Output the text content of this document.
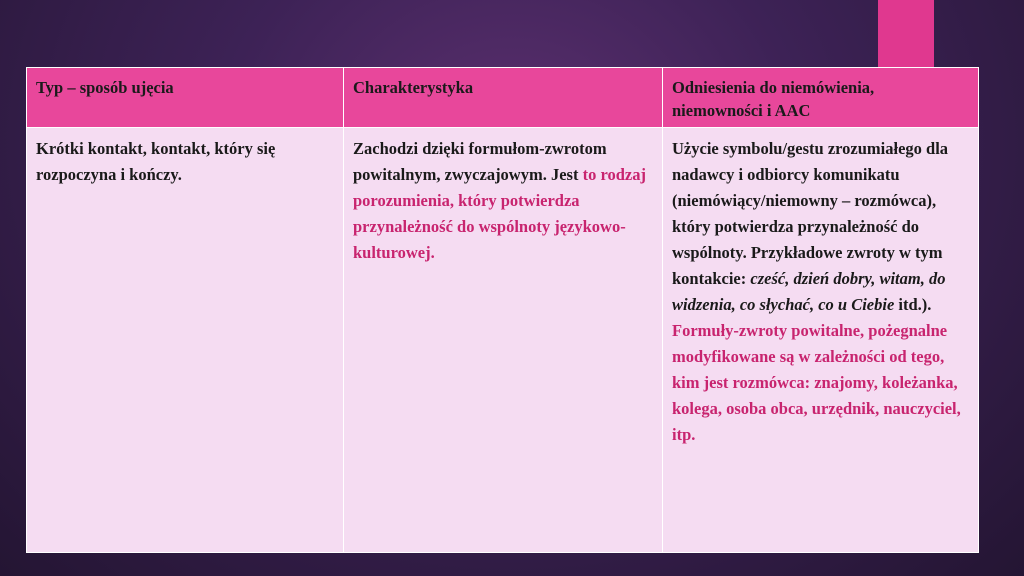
Typ – sposób ujęcia	Charakterystyka	Odniesienia do niemówienia, niemowności i AAC
Krótki kontakt, kontakt, który się rozpoczyna i kończy.	Zachodzi dzięki formułom-zwrotom powitalnym, zwyczajowym. Jest to rodzaj porozumienia, który potwierdza przynależność do wspólnoty językowo-kulturowej.	Użycie symbolu/gestu zrozumiałego dla nadawcy i odbiorcy komunikatu (niemówiący/niemowny – rozmówca), który potwierdza przynależność do wspólnoty. Przykładowe zwroty w tym kontakcie: cześć, dzień dobry, witam, do widzenia, co słychać, co u Ciebie itd.).
Formuły-zwroty powitalne, pożegnalne modyfikowane są w zależności od tego, kim jest rozmówca: znajomy, koleżanka, kolega, osoba obca, urzędnik, nauczyciel, itp.
